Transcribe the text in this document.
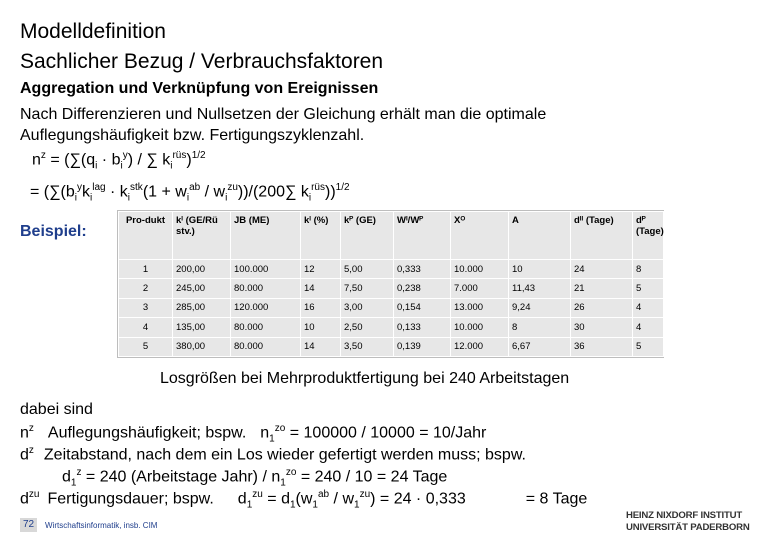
Modelldefinition
Sachlicher Bezug / Verbrauchsfaktoren
Aggregation und Verknüpfung von Ereignissen
Nach Differenzieren und Nullsetzen der Gleichung erhält man die optimale
Auflegungshäufigkeit bzw. Fertigungszyklenzahl.
$n^z = (\sum(q_i \cdot b_i^y)$ / ∑ $k_i^{rüs})^{1/2}$
= ($\sum(b_i^yk_i^{lag} \cdot k_i^{stk}(1 + w_i^{ab} / w_i^{zu}))/(200\sum$ $k_i^{rüs}))^{1/2}$
Beispiel:
Pro-dukt	kᴵ (GE/Rü stv.)	JB (ME)	kᴵ (%)	kᴾ (GE)	Wᴵ/Wᴾ	Xᴼ	A	dᴵᴵ (Tage)	dᴾ (Tage)
1	200,00	100.000	12	5,00	0,333	10.000	10	24	8
2	245,00	80.000	14	7,50	0,238	7.000	11,43	21	5
3	285,00	120.000	16	3,00	0,154	13.000	9,24	26	4
4	135,00	80.000	10	2,50	0,133	10.000	8	30	4
5	380,00	80.000	14	3,50	0,139	12.000	6,67	36	5
Losgrößen bei Mehrproduktfertigung bei 240 Arbeitstagen
dabei sind
$n^z$ Auflegungshäufigkeit; bspw. $n_1^{zo} = 100000 / 10000$ = 10/Jahr
$d^z$ Zeitabstand, nach dem ein Los wieder gefertigt werden muss; bspw.
$d_1^z = 240$ (Arbeitstage Jahr) / $n_1^{zo} = 240 / 10 = 24$ Tage
$d^{zu}$ Fertigungsdauer; bspw. $d_1^{zu} = d_1(w_1^{ab} / w_1^{zu}) = 24 \cdot 0,333$	= 8 Tage
72	Wirtschaftsinformatik, insb. CIM
HEINZ NIXDORF INSTITUT
UNIVERSITÄT PADERBORN
